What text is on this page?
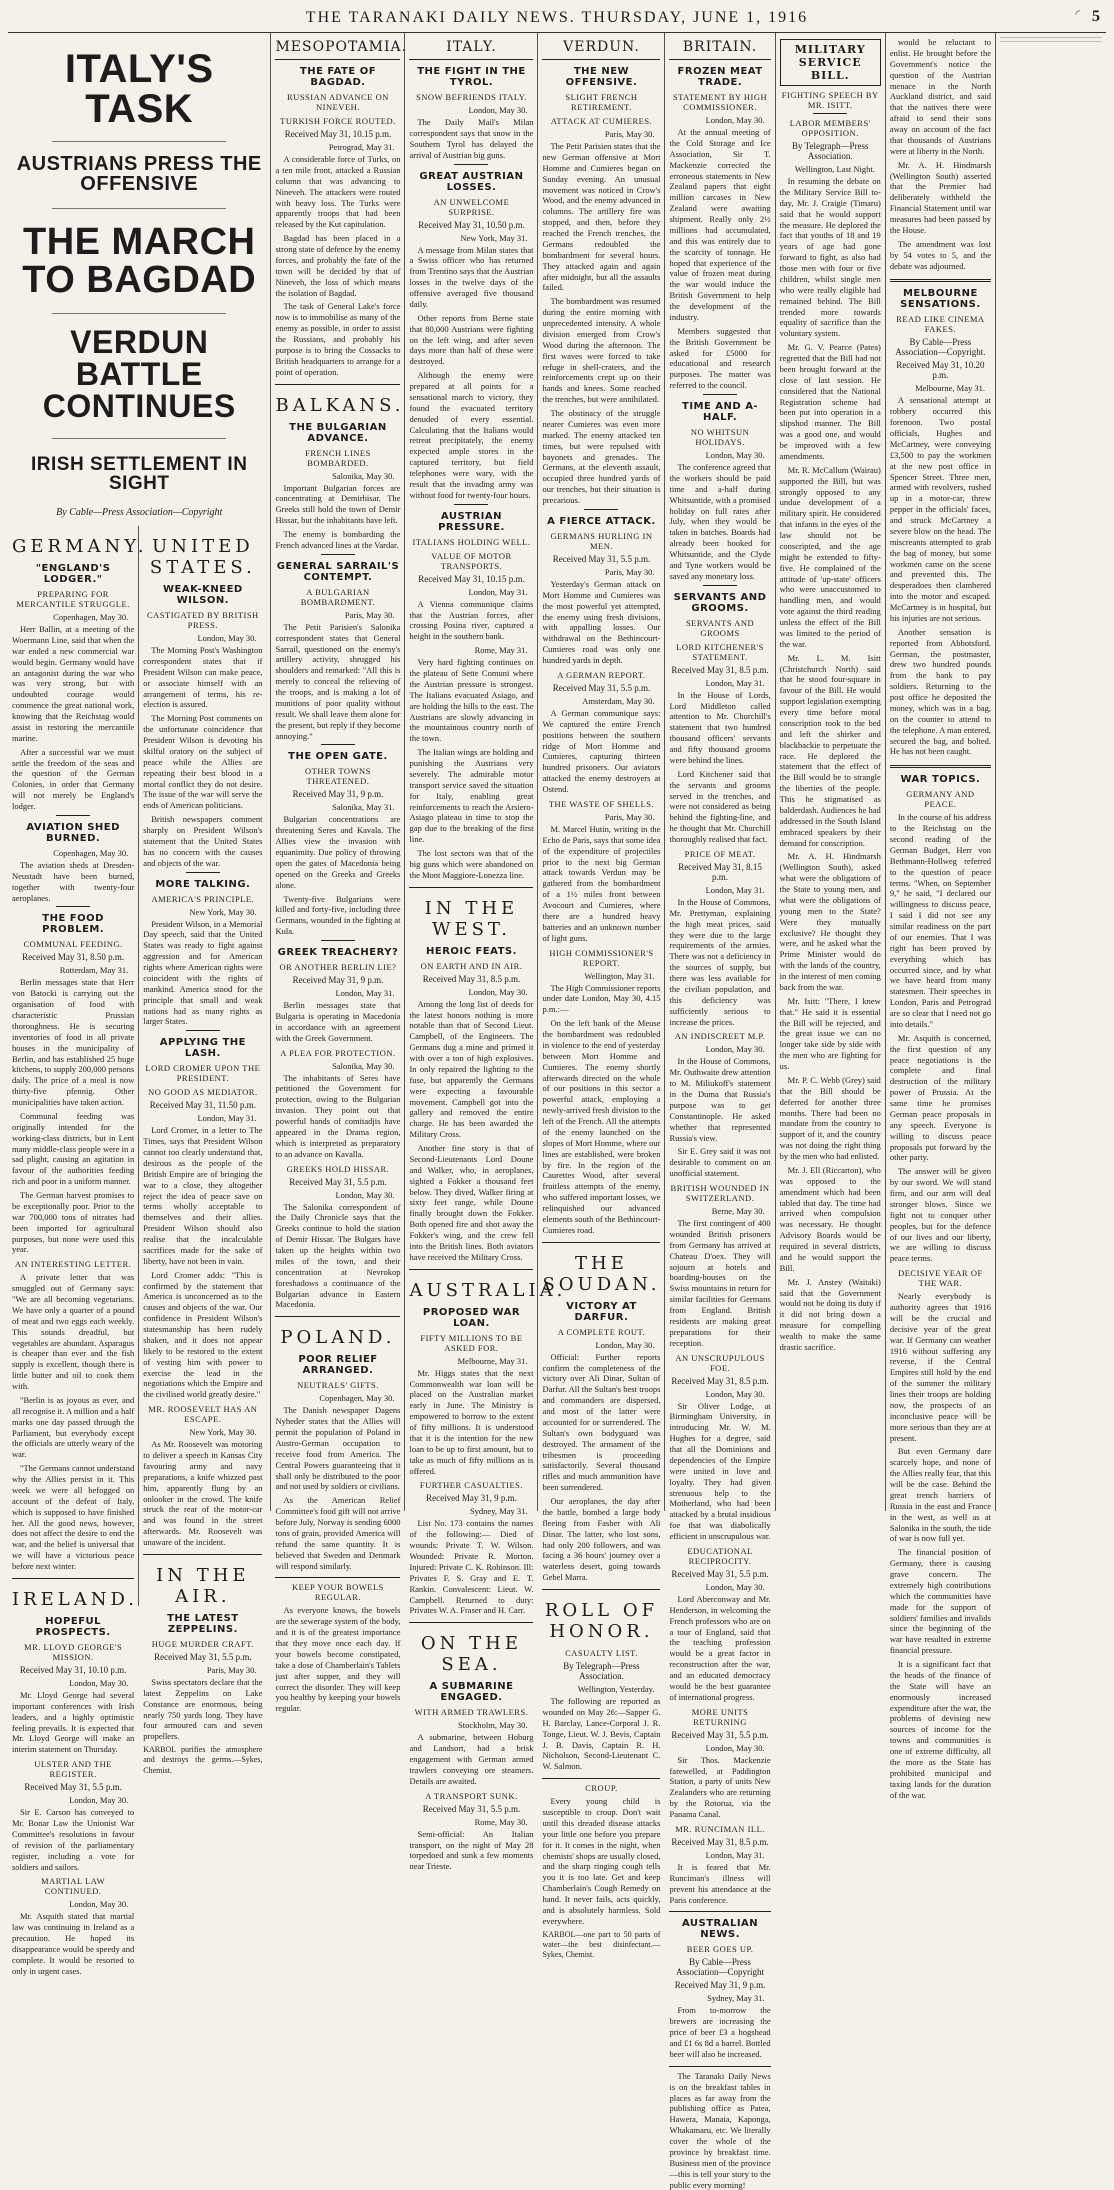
THE TARANAKI DAILY NEWS. THURSDAY, JUNE 1, 1916	◜ 5
ITALY'S TASK
AUSTRIANS PRESS THE OFFENSIVE
THE MARCH TO BAGDAD
VERDUN BATTLE CONTINUES
IRISH SETTLEMENT IN SIGHT
By Cable—Press Association—Copyright
GERMANY.
"ENGLAND'S LODGER."
PREPARING FOR MERCANTILE STRUGGLE.
Copenhagen, May 30.

Herr Ballin, at a meeting of the Woermann Line, said that when the war ended a new commercial war would begin. Germany would have an antagonist during the war who was very strong, but with undoubted courage would commence the great national work, knowing that the Reichstag would assist in restoring the mercantile marine.

After a successful war we must settle the freedom of the seas and the question of the German Colonies, in order that Germany will not merely be England's lodger.

AVIATION SHED BURNED.
Copenhagen, May 30.

The aviation sheds at Dresden-Neustadt have been burned, together with twenty-four aeroplanes.

THE FOOD PROBLEM.
COMMUNAL FEEDING.
Received May 31, 8.50 p.m.
Rotterdam, May 31.

Berlin messages state that Herr von Batocki is carrying out the organisation of food with characteristic Prussian thoroughness. He is securing inventories of food in all private houses in the municipality of Berlin, and has established 25 huge kitchens, to supply 200,000 persons daily. The price of a meal is now thirty-five pfennig. Other municipalities have taken action.

Communal feeding was originally intended for the working-class districts, but in Lent many middle-class people were in a sad plight, causing an agitation in favour of the authorities feeding rich and poor in a uniform manner.

The German harvest promises to be exceptionally poor. Prior to the war 700,000 tons of nitrates had been imported for agricultural purposes, but none were used this year.

AN INTERESTING LETTER.

A private letter that was smuggled out of Germany says: "We are all becoming vegetarians. We have only a quarter of a pound of meat and two eggs each weekly. This sounds dreadful, but vegetables are abundant. Asparagus is cheaper than ever and the fish supply is excellent, though there is little butter and oil to cook them with.

"Berlin is as joyous as ever, and all recognise it. A million and a half marks one day passed through the Parliament, but everybody except the officials are utterly weary of the war.

"The Germans cannot understand why the Allies persist in it. This week we were all befogged on account of the defeat of Italy, which is supposed to have finished her. All the good news, however, does not affect the desire to end the war, and the belief is universal that we will have a victorious peace before next winter.

IRELAND.
HOPEFUL PROSPECTS.
MR. LLOYD GEORGE'S MISSION.
Received May 31, 10.10 p.m.
London, May 30.

Mr. Lloyd George had several important conferences with Irish leaders, and a highly optimistic feeling prevails. It is expected that Mr. Lloyd George will make an interim statement on Thursday.

ULSTER AND THE REGISTER.
Received May 31, 5.5 p.m.
London, May 30.

Sir E. Carson has conveyed to Mr. Bonar Law the Unionist War Committee's resolutions in favour of revision of the parliamentary register, including a vote for soldiers and sailors.

MARTIAL LAW CONTINUED.
London, May 30.

Mr. Asquith stated that martial law was continuing in Ireland as a precaution. He hoped its disappearance would be speedy and complete. It would be resorted to only in urgent cases.

UNITED STATES.
WEAK-KNEED WILSON.
CASTIGATED BY BRITISH PRESS.
London, May 30.

The Morning Post's Washington correspondent states that if President Wilson can make peace, or associate himself with an arrangement of terms, his re-election is assured.

The Morning Post comments on the unfortunate coincidence that President Wilson is devoting his skilful oratory on the subject of peace while the Allies are repeating their best blood in a mortal conflict they do not desire. The issue of the war will serve the ends of American politicians.

British newspapers comment sharply on President Wilson's statement that the United States has no concern with the causes and objects of the war.

MORE TALKING.
AMERICA'S PRINCIPLE.
New York, May 30.

President Wilson, in a Memorial Day speech, said that the United States was ready to fight against aggression and for American rights where American rights were coincident with the rights of mankind. America stood for the principle that small and weak nations had as many rights as larger States.

APPLYING THE LASH.
LORD CROMER UPON THE PRESIDENT.
NO GOOD AS MEDIATOR.
Received May 31, 11.50 p.m.
London, May 31.

Lord Cromer, in a letter to The Times, says that President Wilson cannot too clearly understand that, desirous as the people of the British Empire are of bringing the war to a close, they altogether reject the idea of peace save on terms wholly acceptable to themselves and their allies. President Wilson should also realise that the incalculable sacrifices made for the sake of liberty, have not been in vain.

Lord Cromer adds: "This is confirmed by the statement that America is unconcerned as to the causes and objects of the war. Our confidence in President Wilson's statesmanship has been rudely shaken, and it does not appear likely to be restored to the extent of vesting him with power to exercise the lead in the negotiations which the Empire and the civilised world greatly desire."

MR. ROOSEVELT HAS AN ESCAPE.
New York, May 30.

As Mr. Roosevelt was motoring to deliver a speech in Kansas City favouring army and navy preparations, a knife whizzed past him, apparently flung by an onlooker in the crowd. The knife struck the rear of the motor-car and was found in the street afterwards. Mr. Roosevelt was unaware of the incident.

IN THE AIR.
THE LATEST ZEPPELINS.
HUGE MURDER CRAFT.
Received May 31, 5.5 p.m.
Paris, May 30.

Swiss spectators declare that the latest Zeppelins on Lake Constance are enormous, being nearly 750 yards long. They have four armoured cars and seven propellers.

KARBOL purifies the atmosphere and destroys the germs.—Sykes, Chemist.

MESOPOTAMIA.
THE FATE OF BAGDAD.
RUSSIAN ADVANCE ON NINEVEH.
TURKISH FORCE ROUTED.
Received May 31, 10.15 p.m.
Petrograd, May 31.

A considerable force of Turks, on a ten mile front, attacked a Russian column that was advancing to Nineveh. The attackers were routed with heavy loss. The Turks were apparently troops that had been released by the Kut capitulation.

Bagdad has been placed in a strong state of defence by the enemy forces, and probably the fate of the town will be decided by that of Nineveh, the loss of which means the isolation of Bagdad.

The task of General Lake's force now is to immobilise as many of the enemy as possible, in order to assist the Russians, and probably his purpose is to bring the Cossacks to British headquarters to arrange for a point of operation.

BALKANS.
THE BULGARIAN ADVANCE.
FRENCH LINES BOMBARDED.
Salonika, May 30.

Important Bulgarian forces are concentrating at Demirhisar. The Greeks still hold the town of Demir Hissar, but the inhabitants have left.

The enemy is bombarding the French advanced lines at the Vardar.

GENERAL SARRAIL'S CONTEMPT.
A BULGARIAN BOMBARDMENT.
Paris, May 30.

The Petit Parisien's Salonika correspondent states that General Sarrail, questioned on the enemy's artillery activity, shrugged his shoulders and remarked: "All this is merely to conceal the relieving of the troops, and is making a lot of munitions of poor quality without result. We shall leave them alone for the present, but reply if they become annoying."

THE OPEN GATE.
OTHER TOWNS THREATENED.
Received May 31, 9 p.m.
Salonika, May 31.

Bulgarian concentrations are threatening Seres and Kavala. The Allies view the invasion with equanimity. Due policy of throwing open the gates of Macedonia being opened on the Greeks and Greeks alone.

Twenty-five Bulgarians were killed and forty-five, including three Germans, wounded in the fighting at Kula.

GREEK TREACHERY?
OR ANOTHER BERLIN LIE?
Received May 31, 9 p.m.
London, May 31.

Berlin messages state that Bulgaria is operating in Macedonia in accordance with an agreement with the Greek Government.

A PLEA FOR PROTECTION.
Salonika, May 30.

The inhabitants of Seres have petitioned the Government for protection, owing to the Bulgarian invasion. They point out that powerful bands of comitadjis have appeared in the Drama region, which is interpreted as preparatory to an advance on Kavalla.

GREEKS HOLD HISSAR.
Received May 31, 5.5 p.m.
London, May 30.

The Salonika correspondent of the Daily Chronicle says that the Greeks continue to hold the station of Demir Hissar. The Bulgars have taken up the heights within two miles of the town, and their concentration at Nevrokop foreshadows a continuance of the Bulgarian advance in Eastern Macedonia.

POLAND.
POOR RELIEF ARRANGED.
NEUTRALS' GIFTS.
Copenhagen, May 30.

The Danish newspaper Dagens Nyheder states that the Allies will permit the population of Poland in Austro-German occupation to receive food from America. The Central Powers guaranteeing that it shall only be distributed to the poor and not used by soldiers or civilians.

As the American Relief Committee's food gift will not arrive before July, Norway is sending 6000 tons of grain, provided America will refund the same quantity. It is believed that Sweden and Denmark will respond similarly.

KEEP YOUR BOWELS REGULAR.

As everyone knows, the bowels are the sewerage system of the body, and it is of the greatest importance that they move once each day. If your bowels become constipated, take a dose of Chamberlain's Tablets just after supper, and they will correct the disorder. They will keep you healthy by keeping your bowels regular.

ITALY.
THE FIGHT IN THE TYROL.
SNOW BEFRIENDS ITALY.
London, May 30.

The Daily Mail's Milan correspondent says that snow in the Southern Tyrol has delayed the arrival of Austrian big guns.

GREAT AUSTRIAN LOSSES.
AN UNWELCOME SURPRISE.
Received May 31, 10.50 p.m.
New York, May 31.

A message from Milan states that a Swiss officer who has returned from Trentino says that the Austrian losses in the twelve days of the offensive averaged five thousand daily.

Other reports from Berne state that 80,000 Austrians were fighting on the left wing, and after seven days more than half of these were destroyed.

Although the enemy were prepared at all points for a sensational march to victory, they found the evacuated territory denuded of every essential. Calculating that the Italians would retreat precipitately, the enemy expected ample stores in the captured territory, but field telephones were wary, with the result that the invading army was without food for twenty-four hours.

AUSTRIAN PRESSURE.
ITALIANS HOLDING WELL.
VALUE OF MOTOR TRANSPORTS.
Received May 31, 10.15 p.m.
London, May 31.

A Vienna communique claims that the Austrian forces, after crossing Posina river, captured a height in the southern bank.

Rome, May 31.

Very hard fighting continues on the plateau of Sette Comuni where the Austrian pressure is strongest. The Italians evacuated Asiago, and are holding the hills to the east. The Austrians are slowly advancing in the mountainous country north of the town.

The Italian wings are holding and punishing the Austrians very severely. The admirable motor transport service saved the situation for Italy, enabling great reinforcements to reach the Arsiero-Asiago plateau in time to stop the gap due to the breaking of the first line.

The lost sectors was that of the big guns which were abandoned on the Mont Maggiore-Lonezza line.

IN THE WEST.
HEROIC FEATS.
ON EARTH AND IN AIR.
Received May 31, 8.5 p.m.
London, May 30.

Among the long list of deeds for the latest honors nothing is more notable than that of Second Lieut. Campbell, of the Engineers. The Germans dug a mine and primed it with over a ton of high explosives. In only repaired the lighting to the fuse, but apparently the Germans were expecting a favourable movement. Campbell got into the gallery and removed the entire charge. He has been awarded the Military Cross.

Another fine story is that of Second-Lieutenants Lord Doune and Walker, who, in aeroplanes, sighted a Fokker a thousand feet below. They dived, Walker firing at sixty feet range, while Doune finally brought down the Fokker. Both opened fire and shot away the Fokker's wing, and the crew fell into the British lines. Both aviators have received the Military Cross.

AUSTRALIA.
PROPOSED WAR LOAN.
FIFTY MILLIONS TO BE ASKED FOR.
Melbourne, May 31.

Mr. Higgs states that the next Commonwealth war loan will be placed on the Australian market early in June. The Ministry is empowered to borrow to the extent of fifty millions. It is understood that it is the intention for the new loan to be up to first amount, but to take as much of fifty millions as is offered.

FURTHER CASUALTIES.
Received May 31, 9 p.m.
Sydney, May 31.

List No. 173 contains the names of the following:— Died of wounds: Private T. W. Wilson. Wounded: Private R. Morton. Injured: Private C. K. Robinson. Ill: Privates F. S. Gray and E. T. Rankin. Convalescent: Lieut. W. Campbell. Returned to duty: Privates W. A. Fraser and H. Carr.

ON THE SEA.
A SUBMARINE ENGAGED.
WITH ARMED TRAWLERS.
Stockholm, May 30.

A submarine, between Hoburg and Landsort, had a brisk engagement with German armed trawlers conveying ore steamers. Details are awaited.

A TRANSPORT SUNK.
Received May 31, 5.5 p.m.
Rome, May 30.

Semi-official: An Italian transport, on the night of May 28 torpedoed and sunk a few moments near Trieste.

VERDUN.
THE NEW OFFENSIVE.
SLIGHT FRENCH RETIREMENT.
ATTACK AT CUMIERES.
Paris, May 30.

The Petit Parisien states that the new German offensive at Mort Homme and Cumieres began on Sunday evening. An unusual movement was noticed in Crow's Wood, and the enemy advanced in columns. The artillery fire was stopped, and then, before they reached the French trenches, the Germans redoubled the bombardment for several hours. They attacked again and again after midnight, but all the assaults failed.

The bombardment was resumed during the entire morning with unprecedented intensity. A whole division emerged from Crow's Wood during the afternoon. The first waves were forced to take refuge in shell-craters, and the reinforcements crept up on their hands and knees. Some reached the trenches, but were annihilated.

The obstinacy of the struggle nearer Cumieres was even more marked. The enemy attacked ten times, but were repulsed with bayonets and grenades. The Germans, at the eleventh assault, occupied three hundred yards of our trenches, but their situation is precarious.

A FIERCE ATTACK.
GERMANS HURLING IN MEN.
Received May 31, 5.5 p.m.
Paris, May 30.

Yesterday's German attack on Mort Homme and Cumieres was the most powerful yet attempted, the enemy using fresh divisions, with appalling losses. Our withdrawal on the Bethincourt-Cumieres road was only one hundred yards in depth.

A GERMAN REPORT.
Received May 31, 5.5 p.m.
Amsterdam, May 30.

A German communique says: We captured the entire French positions between the southern ridge of Mort Homme and Cumieres, capturing thirteen hundred prisoners. Our aviators attacked the enemy destroyers at Ostend.

THE WASTE OF SHELLS.
Paris, May 30.

M. Marcel Hutin, writing in the Echo de Paris, says that some idea of the expenditure of projectiles prior to the next big German attack towards Verdun may be gathered from the bombardment of a 1½ miles front between Avocourt and Cumieres, where there are a hundred heavy batteries and an unknown number of light guns.

HIGH COMMISSIONER'S REPORT.
Wellington, May 31.

The High Commissioner reports under date London, May 30, 4.15 p.m.:—

On the left bank of the Meuse the bombardment was redoubled in violence to the end of yesterday between Mort Homme and Cumieres. The enemy shortly afterwards directed on the whole of our positions in this sector a powerful attack, employing a newly-arrived fresh division to the left of the French. All the attempts of the enemy launched on the slopes of Mort Homme, where our lines are established, were broken by fire. In the region of the Caurettes Wood, after several fruitless attempts of the enemy, who suffered important losses, we relinquished our advanced elements south of the Bethincourt-Cumieres road.

THE SOUDAN.
VICTORY AT DARFUR.
A COMPLETE ROUT.
London, May 30.

Official: Further reports confirm the completeness of the victory over Ali Dinar, Sultan of Darfur. All the Sultan's best troops and commanders are dispersed, and most of the latter were accounted for or surrendered. The Sultan's own bodyguard was destroyed. The armament of the tribesmen is proceeding satisfactorily. Several thousand rifles and much ammunition have been surrendered.

Our aeroplanes, the day after the battle, bombed a large body fleeing from Fasher with Ali Dinar. The latter, who lost sons, had only 200 followers, and was facing a 36 hours' journey over a waterless desert, going towards Gebel Marra.

ROLL OF HONOR.
CASUALTY LIST.
By Telegraph—Press Association.
Wellington, Yesterday.

The following are reported as wounded on May 26:—Sapper G. H. Barclay, Lance-Corporal J. R. Tonge, Lieut. W. J. Bevis, Captain J. B. Davis, Captain R. H. Nicholson, Second-Lieutenant C. W. Salmon.

CROUP.

Every young child is susceptible to croup. Don't wait until this dreaded disease attacks your little one before you prepare for it. It comes in the night, when chemists' shops are usually closed, and the sharp ringing cough tells you it is too late. Get and keep Chamberlain's Cough Remedy on hand. It never fails, acts quickly, and is absolutely harmless. Sold everywhere.

KARBOL—one part to 50 parts of water—the best disinfectant.—Sykes, Chemist.

BRITAIN.
FROZEN MEAT TRADE.
STATEMENT BY HIGH COMMISSIONER.
London, May 30.

At the annual meeting of the Cold Storage and Ice Association, Sir T. Mackenzie corrected the erroneous statements in New Zealand papers that eight million carcases in New Zealand were awaiting shipment. Really only 2½ millions had accumulated, and this was entirely due to the scarcity of tonnage. He hoped that experience of the value of frozen meat during the war would induce the British Government to help the development of the industry.

Members suggested that the British Government be asked for £5000 for educational and research purposes. The matter was referred to the council.

TIME AND A-HALF.
NO WHITSUN HOLIDAYS.
London, May 30.

The conference agreed that the workers should be paid time and a-half during Whitsuntide, with a promised holiday on full rates after July, when they would be taken in batches. Boards had already been booked for Whitsuntide, and the Clyde and Tyne workers would be saved any monetary loss.

SERVANTS AND GROOMS.
SERVANTS AND GROOMS
LORD KITCHENER'S STATEMENT.
Received May 31, 8.5 p.m.
London, May 31.

In the House of Lords, Lord Middleton called attention to Mr. Churchill's statement that two hundred thousand officers' servants and fifty thousand grooms were behind the lines.

Lord Kitchener said that the servants and grooms served in the trenches, and were not considered as being behind the fighting-line, and he thought that Mr. Churchill thoroughly realised that fact.

PRICE OF MEAT.
Received May 31, 8.15 p.m.
London, May 31.

In the House of Commons, Mr. Prettyman, explaining the high meat prices, said they were due to the large requirements of the armies. There was not a deficiency in the sources of supply, but there was less available for the civilian population, and this deficiency was sufficiently serious to increase the prices.

AN INDISCREET M.P.
London, May 30.

In the House of Commons, Mr. Outhwaite drew attention to M. Miliukoff's statement in the Duma that Russia's purpose was to get Constantinople. He asked whether that represented Russia's view.

Sir E. Grey said it was not desirable to comment on an unofficial statement.

BRITISH WOUNDED IN SWITZERLAND.
Berne, May 30.

The first contingent of 400 wounded British prisoners from Germany has arrived at Chateau D'oex. They will sojourn at hotels and boarding-houses on the Swiss mountains in return for similar facilities for Germans from England. British residents are making great preparations for their reception.

AN UNSCRUPULOUS FOE.
Received May 31, 8.5 p.m.
London, May 30.

Sir Oliver Lodge, at Birmingham University, in introducing Mr. W. M. Hughes for a degree, said that all the Dominions and dependencies of the Empire were united in love and loyalty. They had given strenuous help to the Motherland, who had been attacked by a brutal insidious foe that was diabolically efficient in unscrupulous war.

EDUCATIONAL RECIPROCITY.
Received May 31, 5.5 p.m.
London, May 30.

Lord Aberconway and Mr. Henderson, in welcoming the French professors who are on a tour of England, said that the teaching profession would be a great factor in reconstruction after the war, and an educated democracy would be the best guarantee of international progress.

MORE UNITS RETURNING
Received May 31, 5.5 p.m.
London, May 30.

Sir Thos. Mackenzie farewelled, at Paddington Station, a party of units New Zealanders who are returning by the Rotorua, via the Panama Canal.

MR. RUNCIMAN ILL.
Received May 31, 8.5 p.m.
London, May 31.

It is feared that Mr. Runciman's illness will prevent his attendance at the Paris conference.

AUSTRALIAN NEWS.
BEER GOES UP.
By Cable—Press Association—Copyright
Received May 31, 9 p.m.
Sydney, May 31.

From to-morrow the brewers are increasing the price of beer £3 a hogshead and £1 6s 8d a barrel. Bottled beer will also be increased.

The Taranaki Daily News is on the breakfast tables in places as far away from the publishing office as Patea, Hawera, Manaia, Kaponga, Whakamaru, etc. We literally cover the whole of the province by breakfast time. Business men of the province—this is tell your story to the public every morning!

MILITARY SERVICE BILL.
FIGHTING SPEECH BY MR. ISITT.
LABOR MEMBERS' OPPOSITION.
By Telegraph—Press Association.
Wellington, Last Night.

In resuming the debate on the Military Service Bill to-day, Mr. J. Craigie (Timaru) said that he would support the measure. He deplored the fact that youths of 18 and 19 years of age had gone forward to fight, as also had those men with four or five children, whilst single men who were really eligible had remained behind. The Bill trended more towards equality of sacrifice than the voluntary system.

Mr. G. V. Pearce (Patea) regretted that the Bill had not been brought forward at the close of last session. He considered that the National Registration scheme had been put into operation in a slipshod manner. The Bill was a good one, and would be improved with a few amendments.

Mr. R. McCallum (Wairau) supported the Bill, but was strongly opposed to any undue development of a military spirit. He considered that infants in the eyes of the law should not be conscripted, and the age might be extended to fifty-five. He complained of the attitude of 'up-state' officers who were unaccustomed to handling men, and would vote against the third reading unless the effect of the Bill was limited to the period of the war.

Mr. L. M. Isitt (Christchurch North) said that he stood four-square in favour of the Bill. He would support legislation exempting every time before moral conscription took to the bed and left the shirker and blackbackie to perpetuate the race. He deplored the statement that the effect of the Bill would be to strangle the liberties of the people. This he stigmatised as balderdash. Audiences he had addressed in the South Island embraced speakers by their demand for conscription.

Mr. A. H. Hindmarsh (Wellington South), asked what were the obligations of the State to young men, and what were the obligations of young men to the State? Were they mutually exclusive? He thought they were, and he asked what the Prime Minister would do with the lands of the country, in the interest of men coming back from the war.

Mr. Isitt: "There, I knew that." He said it is essential the Bill will be rejected, and the great issue we can no longer take side by side with the men who are fighting for us.

Mr. P. C. Webb (Grey) said that the Bill should be deferred for another three months. There had been no mandate from the country to support of it, and the country was not doing the right thing by the men who had enlisted.

Mr. J. Ell (Riccarton), who was opposed to the amendment which had been tabled that day. The time had arrived when compulsion was necessary. He thought Advisory Boards would be required in several districts, and he would support the Bill.

Mr. J. Anstey (Waitaki) said that the Government would not be doing its duty if it did not bring down a measure for compelling wealth to make the same drastic sacrifice.

would be reluctant to enlist. He brought before the Government's notice the question of the Austrian menace in the North Auckland district, and said that the natives there were afraid to send their sons away on account of the fact that thousands of Austrians were at liberty in the North.

Mr. A. H. Hindmarsh (Wellington South) asserted that the Premier had deliberately withheld the Financial Statement until war measures had been passed by the House.

The amendment was lost by 54 votes to 5, and the debate was adjourned.

MELBOURNE SENSATIONS.
READ LIKE CINEMA FAKES.
By Cable—Press Association—Copyright.
Received May 31, 10.20 p.m.
Melbourne, May 31.

A sensational attempt at robbery occurred this forenoon. Two postal officials, Hughes and McCartney, were conveying £3,500 to pay the workmen at the new post office in Spencer Street. Three men, armed with revolvers, rushed up in a motor-car, threw pepper in the officials' faces, and struck McCartney a severe blow on the head. The miscreants attempted to grab the bag of money, but some workmen came on the scene and prevented this. The desperadoes then clambered into the motor and escaped. McCartney is in hospital, but his injuries are not serious.

Another sensation is reported from Abbotsford. German, the postmaster, drew two hundred pounds from the bank to pay soldiers. Returning to the post office he deposited the money, which was in a bag, on the counter to attend to the telephone. A man entered, secured the bag, and bolted. He has not been caught.

WAR TOPICS.
GERMANY AND PEACE.

In the course of his address to the Reichstag on the second reading of the German Budget, Herr von Bethmann-Hollweg referred to the question of peace terms. "When, on September 9," he said, "I declared our willingness to discuss peace, I said I did not see any similar readiness on the part of our enemies. That I was right has been proved by everything which has occurred since, and by what we have heard from many statesmen. Their speeches in London, Paris and Petrograd are so clear that I need not go into details."

Mr. Asquith is concerned, the first question of any peace negotiations is the complete and final destruction of the military power of Prussia. At the same time he promises German peace proposals in any speech. Everyone is willing to discuss peace proposals put forward by the other party.

The answer will be given by our sword. We will stand firm, and our arm will deal stronger blows. Since we fight not to conquer other peoples, but for the defence of our lives and our liberty, we are willing to discuss peace terms.

DECISIVE YEAR OF THE WAR.

Nearly everybody is authority agrees that 1916 will be the crucial and decisive year of the great war. If Germany can weather 1916 without suffering any reverse, if the Central Empires still hold by the end of the summer the military lines their troops are holding now, the prospects of an inconclusive peace will be more serious than they are at present.

But even Germany dare scarcely hope, and none of the Allies really fear, that this will be the case. Behind the great trench barriers of Russia in the east and France in the west, as well as at Salonika in the south, the tide of war is now full yet.

The financial position of Germany, there is causing grave concern. The extremely high contributions which the communities have made for the support of soldiers' families and invalids since the beginning of the war have resulted in extreme financial pressure.

It is a significant fact that the heads of the finance of the State will have an enormously increased expenditure after the war, the problems of devising new sources of income for the towns and communities is one of extreme difficulty, all the more as the State has prohibited municipal and taxing lands for the duration of the war.
